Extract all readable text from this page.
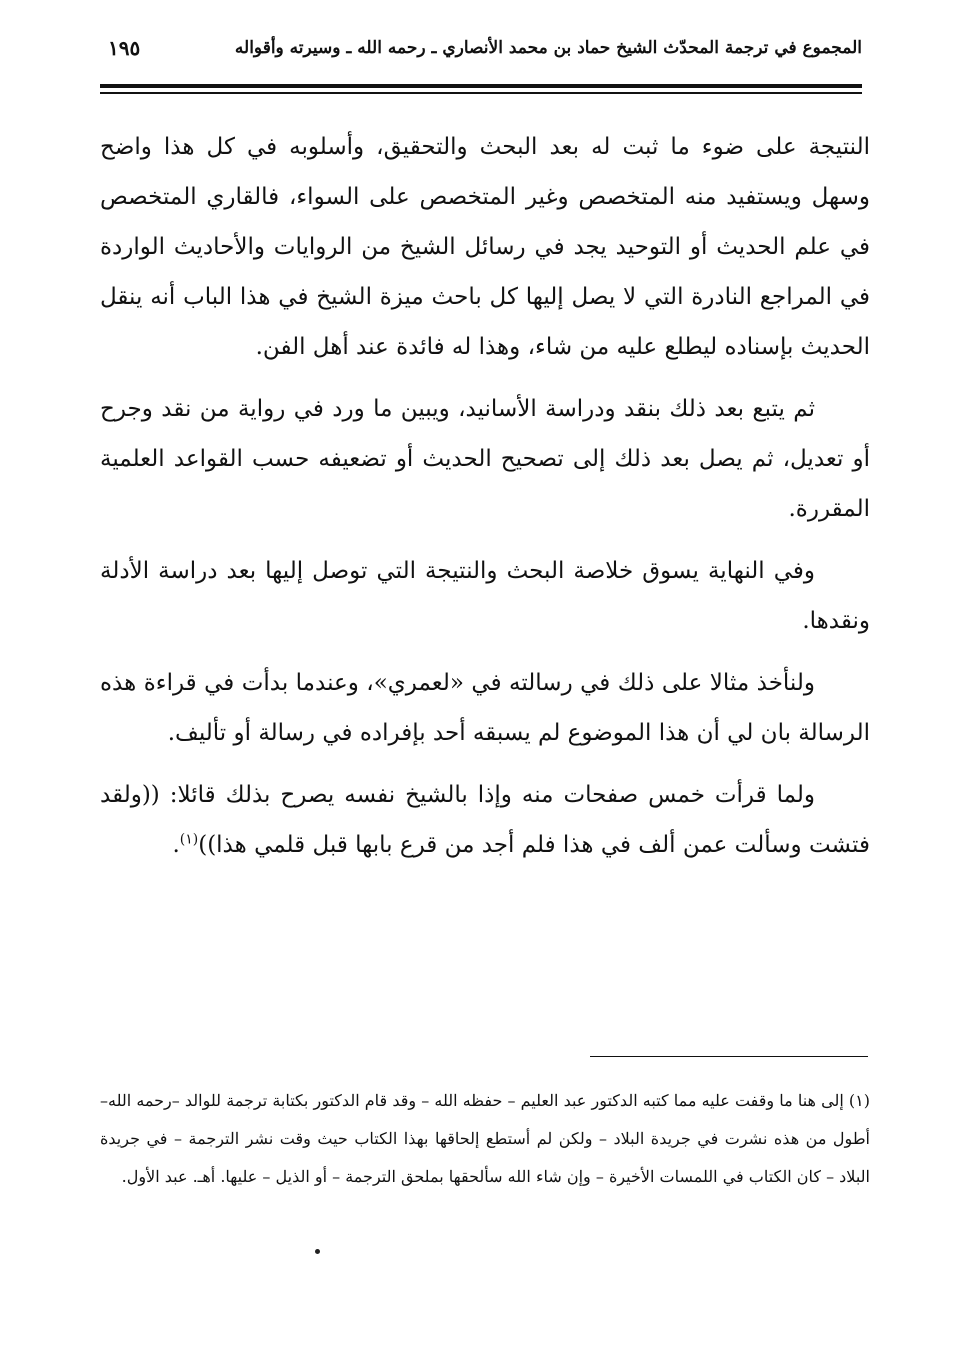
المجموع في ترجمة المحدّث الشيخ حماد بن محمد الأنصاري ـ رحمه الله ـ وسيرته وأقواله
١٩٥

النتيجة على ضوء ما ثبت له بعد البحث والتحقيق، وأسلوبه في كل هذا واضح وسهل ويستفيد منه المتخصص وغير المتخصص على السواء، فالقاري المتخصص في علم الحديث أو التوحيد يجد في رسائل الشيخ من الروايات والأحاديث الواردة في المراجع النادرة التي لا يصل إليها كل باحث ميزة الشيخ في هذا الباب أنه ينقل الحديث بإسناده ليطلع عليه من شاء، وهذا له فائدة عند أهل الفن.

ثم يتبع بعد ذلك بنقد ودراسة الأسانيد، ويبين ما ورد في رواية من نقد وجرح أو تعديل، ثم يصل بعد ذلك إلى تصحيح الحديث أو تضعيفه حسب القواعد العلمية المقررة.

وفي النهاية يسوق خلاصة البحث والنتيجة التي توصل إليها بعد دراسة الأدلة ونقدها.

ولنأخذ مثالا على ذلك في رسالته في «لعمري»، وعندما بدأت في قراءة هذه الرسالة بان لي أن هذا الموضوع لم يسبقه أحد بإفراده في رسالة أو تأليف.

ولما قرأت خمس صفحات منه وإذا بالشيخ نفسه يصرح بذلك قائلا: ((ولقد فتشت وسألت عمن ألف في هذا فلم أجد من قرع بابها قبل قلمي هذا))$^{(١)}$.

(١) إلى هنا ما وقفت عليه مما كتبه الدكتور عبد العليم – حفظه الله – وقد قام الدكتور بكتابة ترجمة للوالد –رحمه الله– أطول من هذه نشرت في جريدة البلاد – ولكن لم أستطع إلحاقها بهذا الكتاب حيث وقت نشر الترجمة – في جريدة البلاد – كان الكتاب في اللمسات الأخيرة – وإن شاء الله سألحقها بملحق الترجمة – أو الذيل – عليها. أهـ. عبد الأول.
